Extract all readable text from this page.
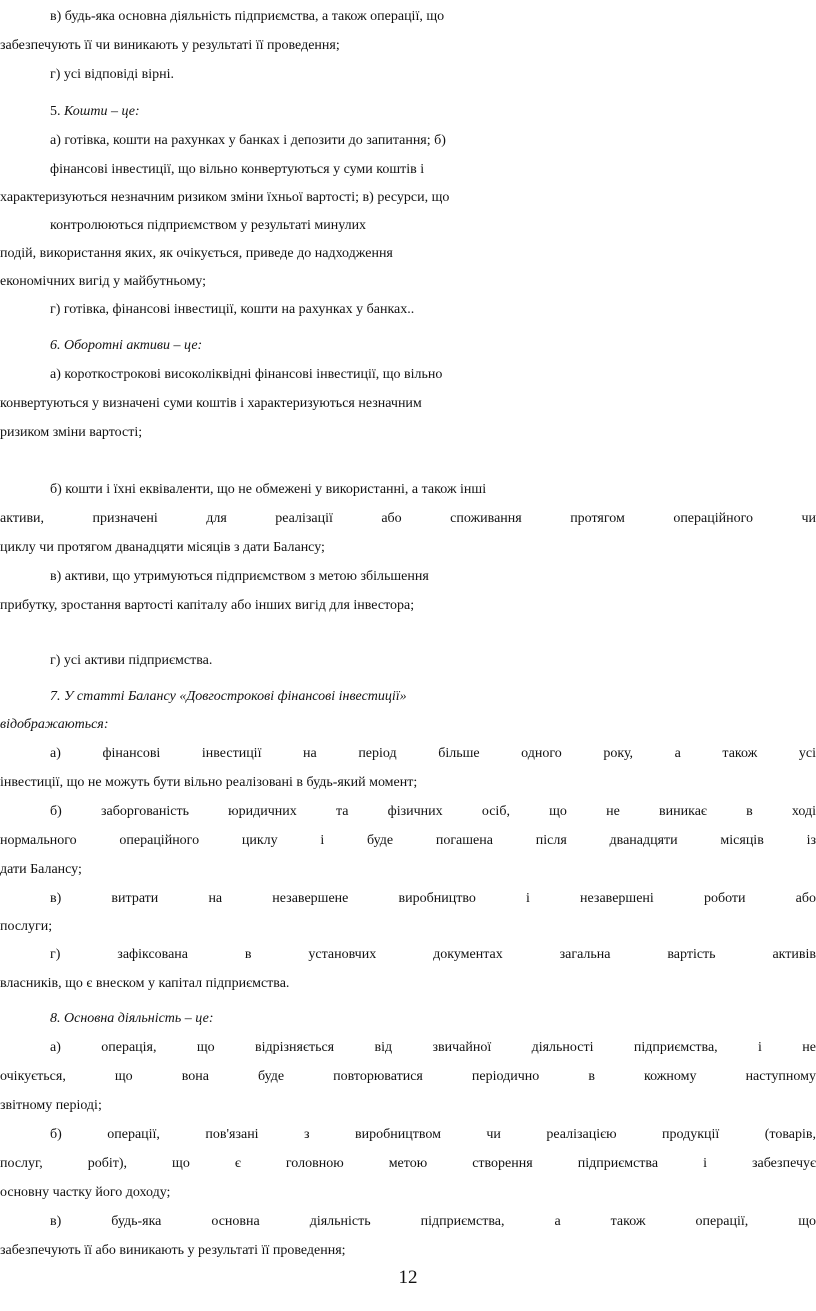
в) будь-яка основна діяльність підприємства, а також операції, що
забезпечують її чи виникають у результаті її проведення;
г) усі відповіді вірні.
5. Кошти – це:
а) готівка, кошти на рахунках у банках і депозити до запитання; б)
фінансові інвестиції, що вільно конвертуються у суми коштів і
характеризуються незначним ризиком зміни їхньої вартості; в) ресурси, що
контролюються підприємством у результаті минулих
подій, використання яких, як очікується, приведе до надходження
економічних вигід у майбутньому;
г) готівка, фінансові інвестиції, кошти на рахунках у банках..
6. Оборотні активи – це:
а) короткострокові високоліквідні фінансові інвестиції, що вільно
конвертуються у визначені суми коштів і характеризуються незначним
ризиком зміни вартості;
б) кошти і їхні еквіваленти, що не обмежені у використанні, а також інші
активи, призначені для реалізації або споживання протягом операційного чи
циклу чи протягом дванадцяти місяців з дати Балансу;
в) активи, що утримуються підприємством з метою збільшення
прибутку, зростання вартості капіталу або інших вигід для інвестора;
г) усі активи підприємства.
7. У статті Балансу «Довгострокові фінансові інвестиції»
відображаються:
а) фінансові інвестиції на період більше одного року, а також усі
інвестиції, що не можуть бути вільно реалізовані в будь-який момент;
б) заборгованість юридичних та фізичних осіб, що не виникає в ході
нормального операційного циклу і буде погашена після дванадцяти місяців із
дати Балансу;
в) витрати на незавершене виробництво і незавершені роботи або
послуги;
г) зафіксована в установчих документах загальна вартість активів
власників, що є внеском у капітал підприємства.
8. Основна діяльність – це:
а) операція, що відрізняється від звичайної діяльності підприємства, і не
очікується, що вона буде повторюватися періодично в кожному наступному
звітному періоді;
б) операції, пов'язані з виробництвом чи реалізацією продукції (товарів,
послуг, робіт), що є головною метою створення підприємства і забезпечує
основну частку його доходу;
в) будь-яка основна діяльність підприємства, а також операції, що
забезпечують її або виникають у результаті її проведення;
12
